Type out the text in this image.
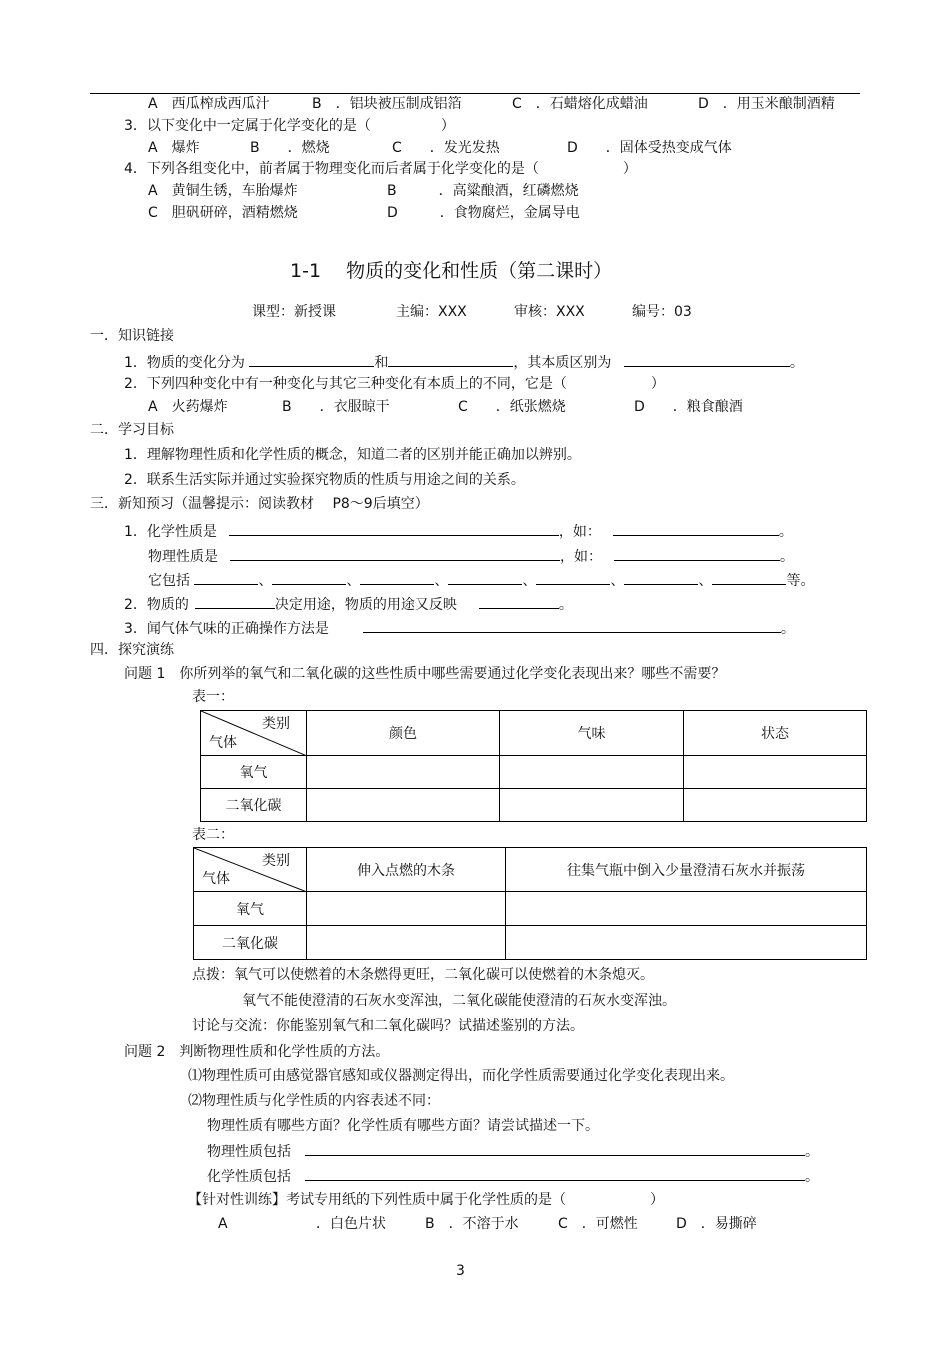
A　西瓜榨成西瓜汁	B　．铝块被压制成铝箔	C　．石蜡熔化成蜡油	D　．用玉米酿制酒精
3．以下变化中一定属于化学变化的是（　　　　　）
A　爆炸	B　　．燃烧	C　　．发光发热	D　　．固体受热变成气体
4．下列各组变化中，前者属于物理变化而后者属于化学变化的是（　　　　　　）
A　黄铜生锈，车胎爆炸	B　　　．高粱酿酒，红磷燃烧
C　胆矾研碎，酒精燃烧	D　　　．食物腐烂，金属导电
1-1　 物质的变化和性质（第二课时）
课型：新授课	主编：XXX	审核：XXX	编号：03
一．知识链接
1．物质的变化分为	和	，其本质区别为	。
2．下列四种变化中有一种变化与其它三种变化有本质上的不同，它是（　　　　　　）
A　火药爆炸	B　　．衣服晾干	C　　．纸张燃烧	D　　．粮食酿酒
二．学习目标
1．理解物理性质和化学性质的概念，知道二者的区别并能正确加以辨别。
2．联系生活实际并通过实验探究物质的性质与用途之间的关系。
三．新知预习（温馨提示：阅读教材　 P8～9后填空）
1．化学性质是	，如：	。
物理性质是	，如：	。
它包括	、	、	、	、	、	、	等。
2．物质的	决定用途，物质的用途又反映	。
3．闻气体气味的正确操作方法是	。
四．探究演练
问题 1　你所列举的氧气和二氧化碳的这些性质中哪些需要通过化学变化表现出来？哪些不需要？
表一：
类别
气体	颜色	气味	状态
氧气			
二氧化碳			
表二：
类别
气体	伸入点燃的木条	往集气瓶中倒入少量澄清石灰水并振荡
氧气		
二氧化碳		
点拨：氧气可以使燃着的木条燃得更旺，二氧化碳可以使燃着的木条熄灭。
氧气不能使澄清的石灰水变浑浊，二氧化碳能使澄清的石灰水变浑浊。
讨论与交流：你能鉴别氧气和二氧化碳吗？试描述鉴别的方法。
问题 2　判断物理性质和化学性质的方法。
⑴物理性质可由感觉器官感知或仪器测定得出，而化学性质需要通过化学变化表现出来。
⑵物理性质与化学性质的内容表述不同：
物理性质有哪些方面？化学性质有哪些方面？请尝试描述一下。
物理性质包括	。
化学性质包括	。
【针对性训练】考试专用纸的下列性质中属于化学性质的是（　　　　　　）
A	．白色片状	B　．不溶于水	C　．可燃性	D　．易撕碎
3
